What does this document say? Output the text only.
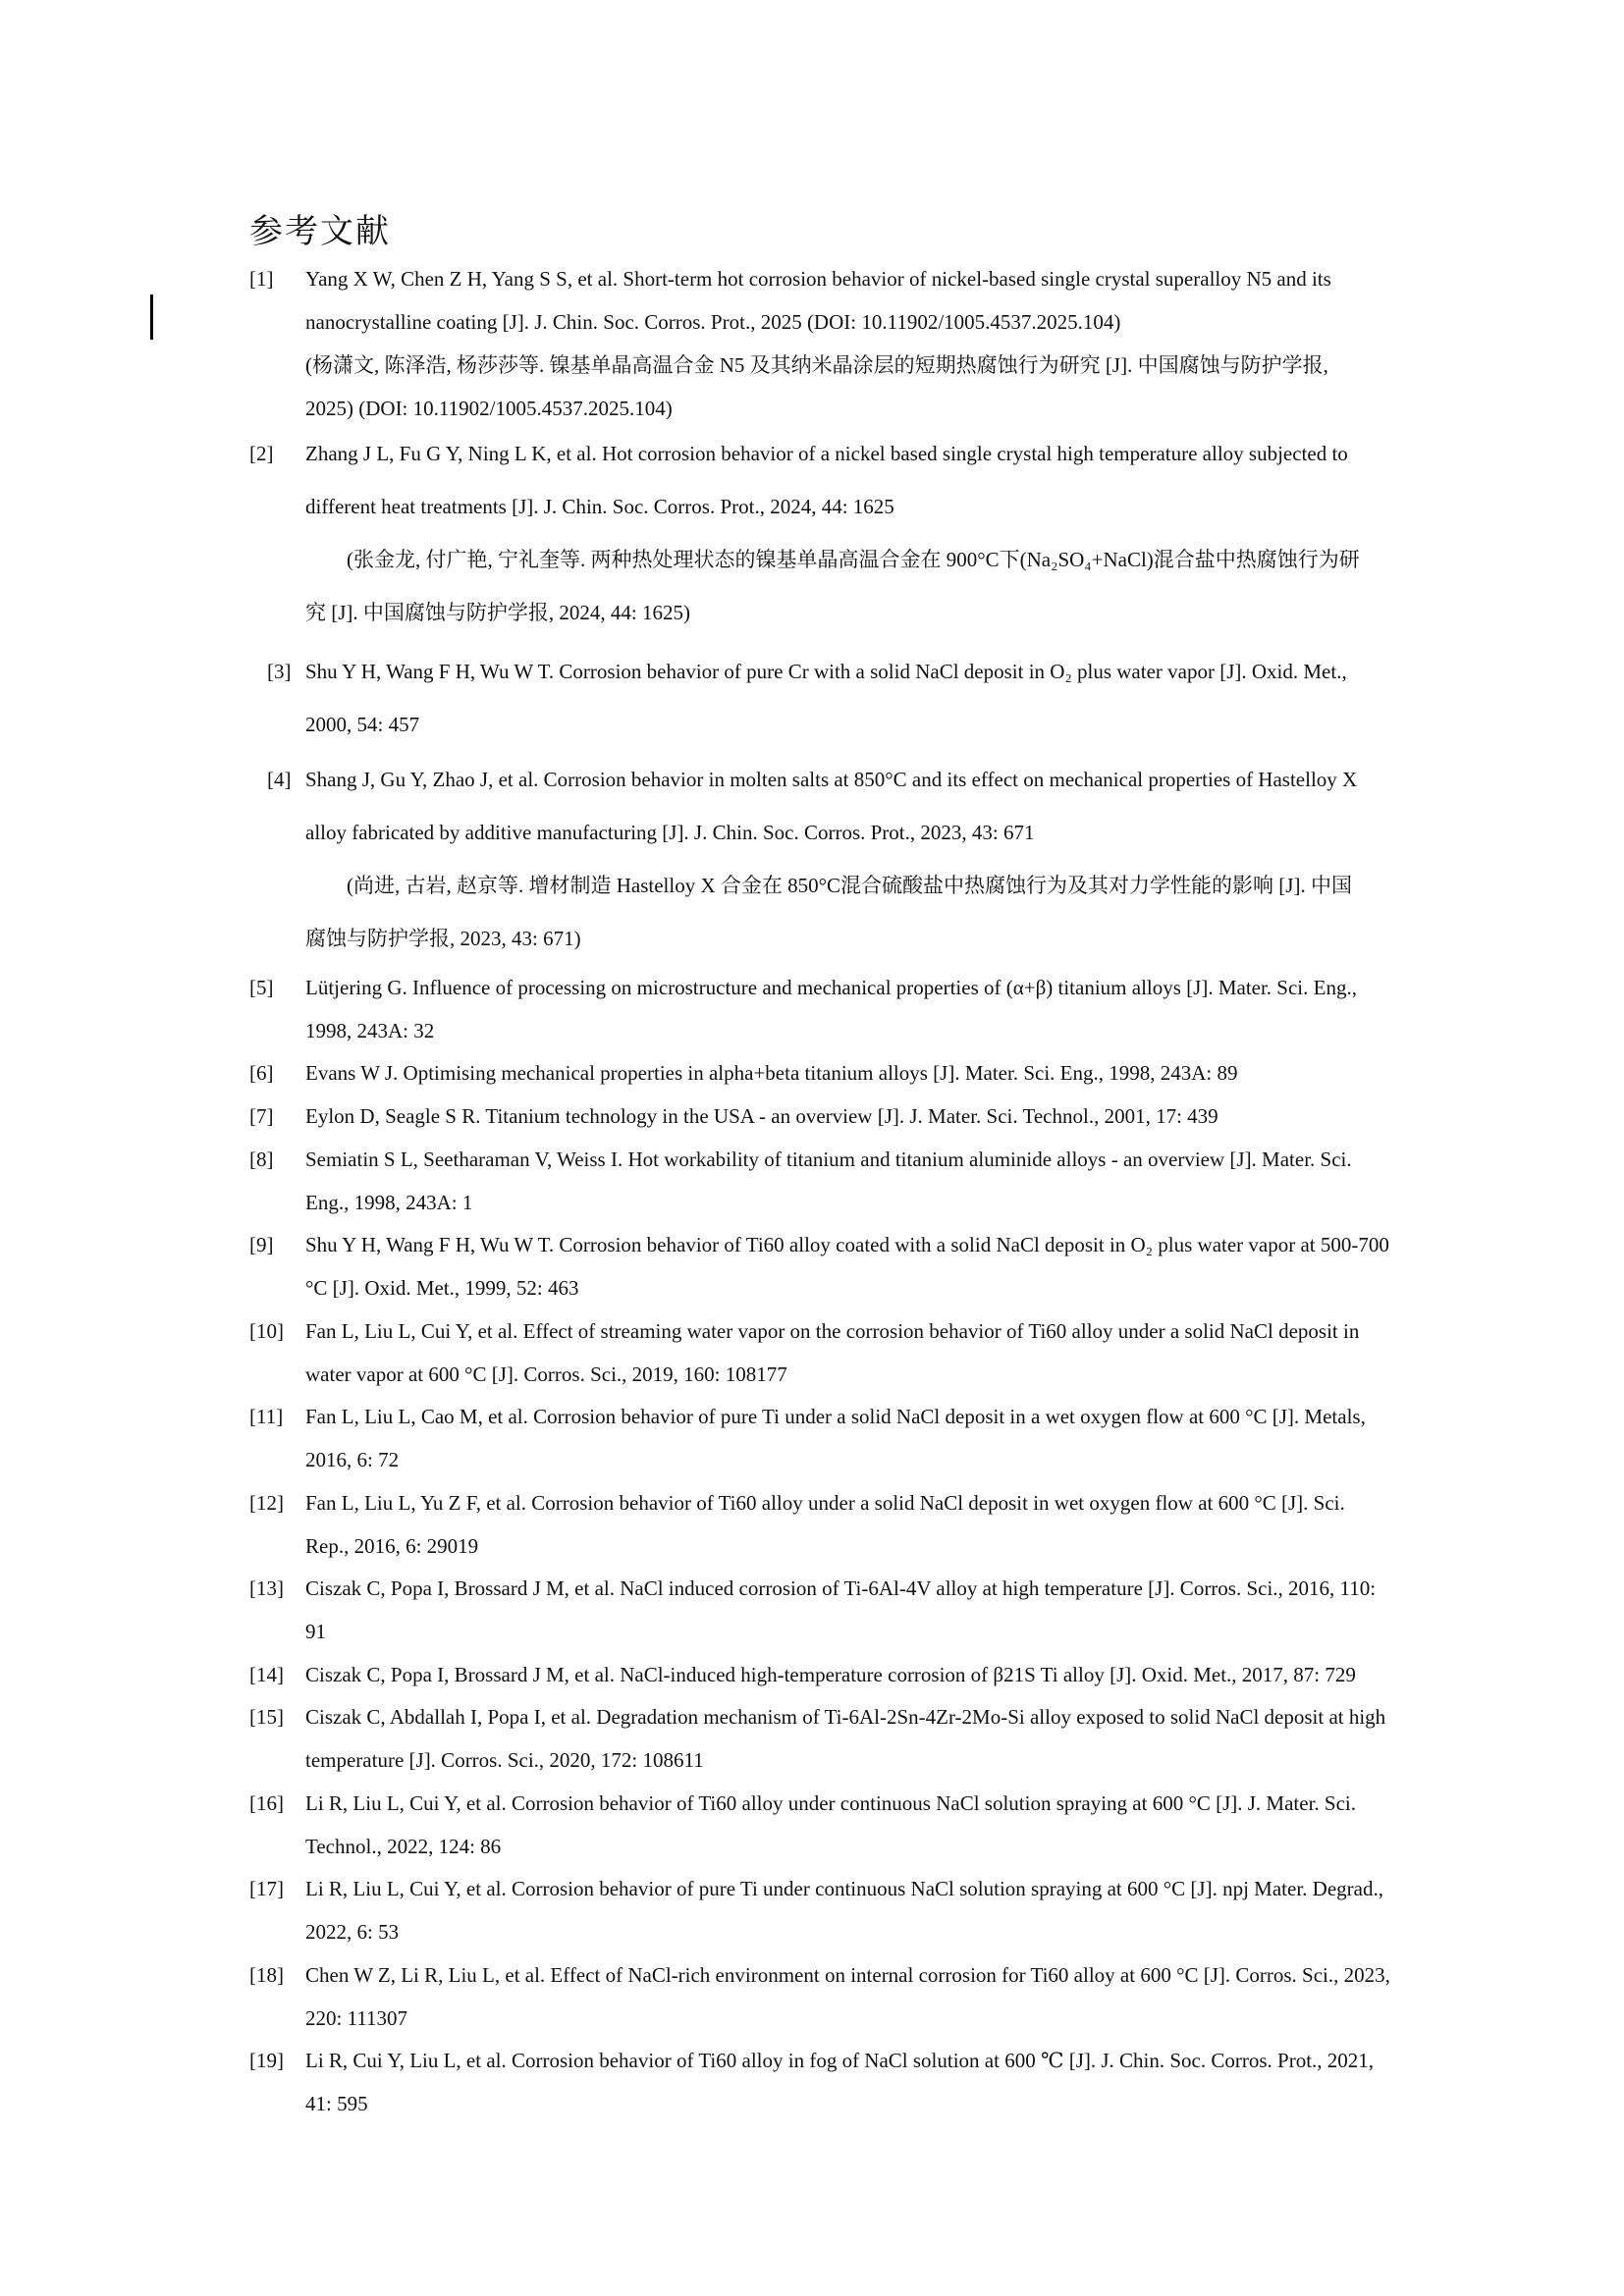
参考文献
[1] Yang X W, Chen Z H, Yang S S, et al. Short-term hot corrosion behavior of nickel-based single crystal superalloy N5 and its
nanocrystalline coating [J]. J. Chin. Soc. Corros. Prot., 2025 (DOI: 10.11902/1005.4537.2025.104)
(杨潇文, 陈泽浩, 杨莎莎等. 镍基单晶高温合金 N5 及其纳米晶涂层的短期热腐蚀行为研究 [J]. 中国腐蚀与防护学报,
2025) (DOI: 10.11902/1005.4537.2025.104)
[2] Zhang J L, Fu G Y, Ning L K, et al. Hot corrosion behavior of a nickel based single crystal high temperature alloy subjected to
different heat treatments [J]. J. Chin. Soc. Corros. Prot., 2024, 44: 1625
(张金龙, 付广艳, 宁礼奎等. 两种热处理状态的镍基单晶高温合金在 900°C下(Na₂SO₄+NaCl)混合盐中热腐蚀行为研
究 [J]. 中国腐蚀与防护学报, 2024, 44: 1625)
[3] Shu Y H, Wang F H, Wu W T. Corrosion behavior of pure Cr with a solid NaCl deposit in O₂ plus water vapor [J]. Oxid. Met.,
2000, 54: 457
[4] Shang J, Gu Y, Zhao J, et al. Corrosion behavior in molten salts at 850°C and its effect on mechanical properties of Hastelloy X
alloy fabricated by additive manufacturing [J]. J. Chin. Soc. Corros. Prot., 2023, 43: 671
(尚进, 古岩, 赵京等. 增材制造 Hastelloy X 合金在 850°C混合硫酸盐中热腐蚀行为及其对力学性能的影响 [J]. 中国
腐蚀与防护学报, 2023, 43: 671)
[5] Lütjering G. Influence of processing on microstructure and mechanical properties of (α+β) titanium alloys [J]. Mater. Sci. Eng.,
1998, 243A: 32
[6] Evans W J. Optimising mechanical properties in alpha+beta titanium alloys [J]. Mater. Sci. Eng., 1998, 243A: 89
[7] Eylon D, Seagle S R. Titanium technology in the USA - an overview [J]. J. Mater. Sci. Technol., 2001, 17: 439
[8] Semiatin S L, Seetharaman V, Weiss I. Hot workability of titanium and titanium aluminide alloys - an overview [J]. Mater. Sci.
Eng., 1998, 243A: 1
[9] Shu Y H, Wang F H, Wu W T. Corrosion behavior of Ti60 alloy coated with a solid NaCl deposit in O₂ plus water vapor at 500-700
°C [J]. Oxid. Met., 1999, 52: 463
[10] Fan L, Liu L, Cui Y, et al. Effect of streaming water vapor on the corrosion behavior of Ti60 alloy under a solid NaCl deposit in
water vapor at 600 °C [J]. Corros. Sci., 2019, 160: 108177
[11] Fan L, Liu L, Cao M, et al. Corrosion behavior of pure Ti under a solid NaCl deposit in a wet oxygen flow at 600 °C [J]. Metals,
2016, 6: 72
[12] Fan L, Liu L, Yu Z F, et al. Corrosion behavior of Ti60 alloy under a solid NaCl deposit in wet oxygen flow at 600 °C [J]. Sci.
Rep., 2016, 6: 29019
[13] Ciszak C, Popa I, Brossard J M, et al. NaCl induced corrosion of Ti-6Al-4V alloy at high temperature [J]. Corros. Sci., 2016, 110:
91
[14] Ciszak C, Popa I, Brossard J M, et al. NaCl-induced high-temperature corrosion of β21S Ti alloy [J]. Oxid. Met., 2017, 87: 729
[15] Ciszak C, Abdallah I, Popa I, et al. Degradation mechanism of Ti-6Al-2Sn-4Zr-2Mo-Si alloy exposed to solid NaCl deposit at high
temperature [J]. Corros. Sci., 2020, 172: 108611
[16] Li R, Liu L, Cui Y, et al. Corrosion behavior of Ti60 alloy under continuous NaCl solution spraying at 600 °C [J]. J. Mater. Sci.
Technol., 2022, 124: 86
[17] Li R, Liu L, Cui Y, et al. Corrosion behavior of pure Ti under continuous NaCl solution spraying at 600 °C [J]. npj Mater. Degrad.,
2022, 6: 53
[18] Chen W Z, Li R, Liu L, et al. Effect of NaCl-rich environment on internal corrosion for Ti60 alloy at 600 °C [J]. Corros. Sci., 2023,
220: 111307
[19] Li R, Cui Y, Liu L, et al. Corrosion behavior of Ti60 alloy in fog of NaCl solution at 600 ℃ [J]. J. Chin. Soc. Corros. Prot., 2021,
41: 595
